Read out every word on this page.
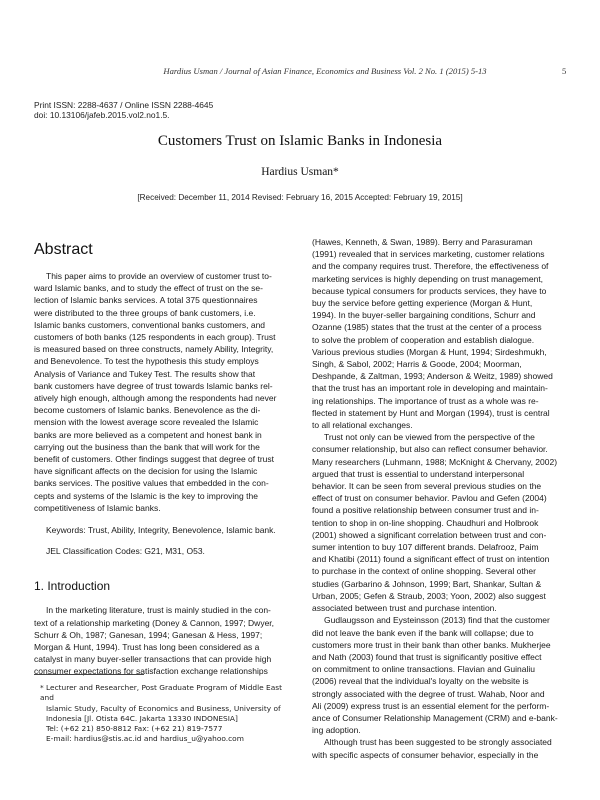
Hardius Usman / Journal of Asian Finance, Economics and Business Vol. 2 No. 1 (2015) 5-13	5
Print ISSN: 2288-4637 / Online ISSN 2288-4645
doi: 10.13106/jafeb.2015.vol2.no1.5.
Customers Trust on Islamic Banks in Indonesia
Hardius Usman*
[Received: December 11, 2014 Revised: February 16, 2015 Accepted: February 19, 2015]
Abstract

This paper aims to provide an overview of customer trust to-
ward Islamic banks, and to study the effect of trust on the se-
lection of Islamic banks services. A total 375 questionnaires
were distributed to the three groups of bank customers, i.e.
Islamic banks customers, conventional banks customers, and
customers of both banks (125 respondents in each group). Trust
is measured based on three constructs, namely Ability, Integrity,
and Benevolence. To test the hypothesis this study employs
Analysis of Variance and Tukey Test. The results show that
bank customers have degree of trust towards Islamic banks rel-
atively high enough, although among the respondents had never
become customers of Islamic banks. Benevolence as the di-
mension with the lowest average score revealed the Islamic
banks are more believed as a competent and honest bank in
carrying out the business than the bank that will work for the
benefit of customers. Other findings suggest that degree of trust
have significant affects on the decision for using the Islamic
banks services. The positive values that embedded in the con-
cepts and systems of the Islamic is the key to improving the
competitiveness of Islamic banks.

Keywords: Trust, Ability, Integrity, Benevolence, Islamic bank.

JEL Classification Codes: G21, M31, O53.

1. Introduction

In the marketing literature, trust is mainly studied in the con-
text of a relationship marketing (Doney & Cannon, 1997; Dwyer,
Schurr & Oh, 1987; Ganesan, 1994; Ganesan & Hess, 1997;
Morgan & Hunt, 1994). Trust has long been considered as a
catalyst in many buyer-seller transactions that can provide high
consumer expectations for satisfaction exchange relationships

* Lecturer and Researcher, Post Graduate Program of Middle East and
Islamic Study, Faculty of Economics and Business, University of
Indonesia [Jl. Otista 64C. Jakarta 13330 INDONESIA]
Tel: (+62 21) 850-8812 Fax: (+62 21) 819-7577
E-mail: hardius@stis.ac.id and hardius_u@yahoo.com

(Hawes, Kenneth, & Swan, 1989). Berry and Parasuraman
(1991) revealed that in services marketing, customer relations
and the company requires trust. Therefore, the effectiveness of
marketing services is highly depending on trust management,
because typical consumers for products services, they have to
buy the service before getting experience (Morgan & Hunt,
1994). In the buyer-seller bargaining conditions, Schurr and
Ozanne (1985) states that the trust at the center of a process
to solve the problem of cooperation and establish dialogue.
Various previous studies (Morgan & Hunt, 1994; Sirdeshmukh,
Singh, & Sabol, 2002; Harris & Goode, 2004; Moorman,
Deshpande, & Zaltman, 1993; Anderson & Weitz, 1989) showed
that the trust has an important role in developing and maintain-
ing relationships. The importance of trust as a whole was re-
flected in statement by Hunt and Morgan (1994), trust is central
to all relational exchanges.

Trust not only can be viewed from the perspective of the
consumer relationship, but also can reflect consumer behavior.
Many researchers (Luhmann, 1988; McKnight & Chervany, 2002)
argued that trust is essential to understand interpersonal
behavior. It can be seen from several previous studies on the
effect of trust on consumer behavior. Pavlou and Gefen (2004)
found a positive relationship between consumer trust and in-
tention to shop in on-line shopping. Chaudhuri and Holbrook
(2001) showed a significant correlation between trust and con-
sumer intention to buy 107 different brands. Delafrooz, Paim
and Khatibi (2011) found a significant effect of trust on intention
to purchase in the context of online shopping. Several other
studies (Garbarino & Johnson, 1999; Bart, Shankar, Sultan &
Urban, 2005; Gefen & Straub, 2003; Yoon, 2002) also suggest
associated between trust and purchase intention.

Gudlaugsson and Eysteinsson (2013) find that the customer
did not leave the bank even if the bank will collapse; due to
customers more trust in their bank than other banks. Mukherjee
and Nath (2003) found that trust is significantly positive effect
on commitment to online transactions. Flavian and Guinaliu
(2006) reveal that the individual's loyalty on the website is
strongly associated with the degree of trust. Wahab, Noor and
Ali (2009) express trust is an essential element for the perform-
ance of Consumer Relationship Management (CRM) and e-bank-
ing adoption.

Although trust has been suggested to be strongly associated
with specific aspects of consumer behavior, especially in the
